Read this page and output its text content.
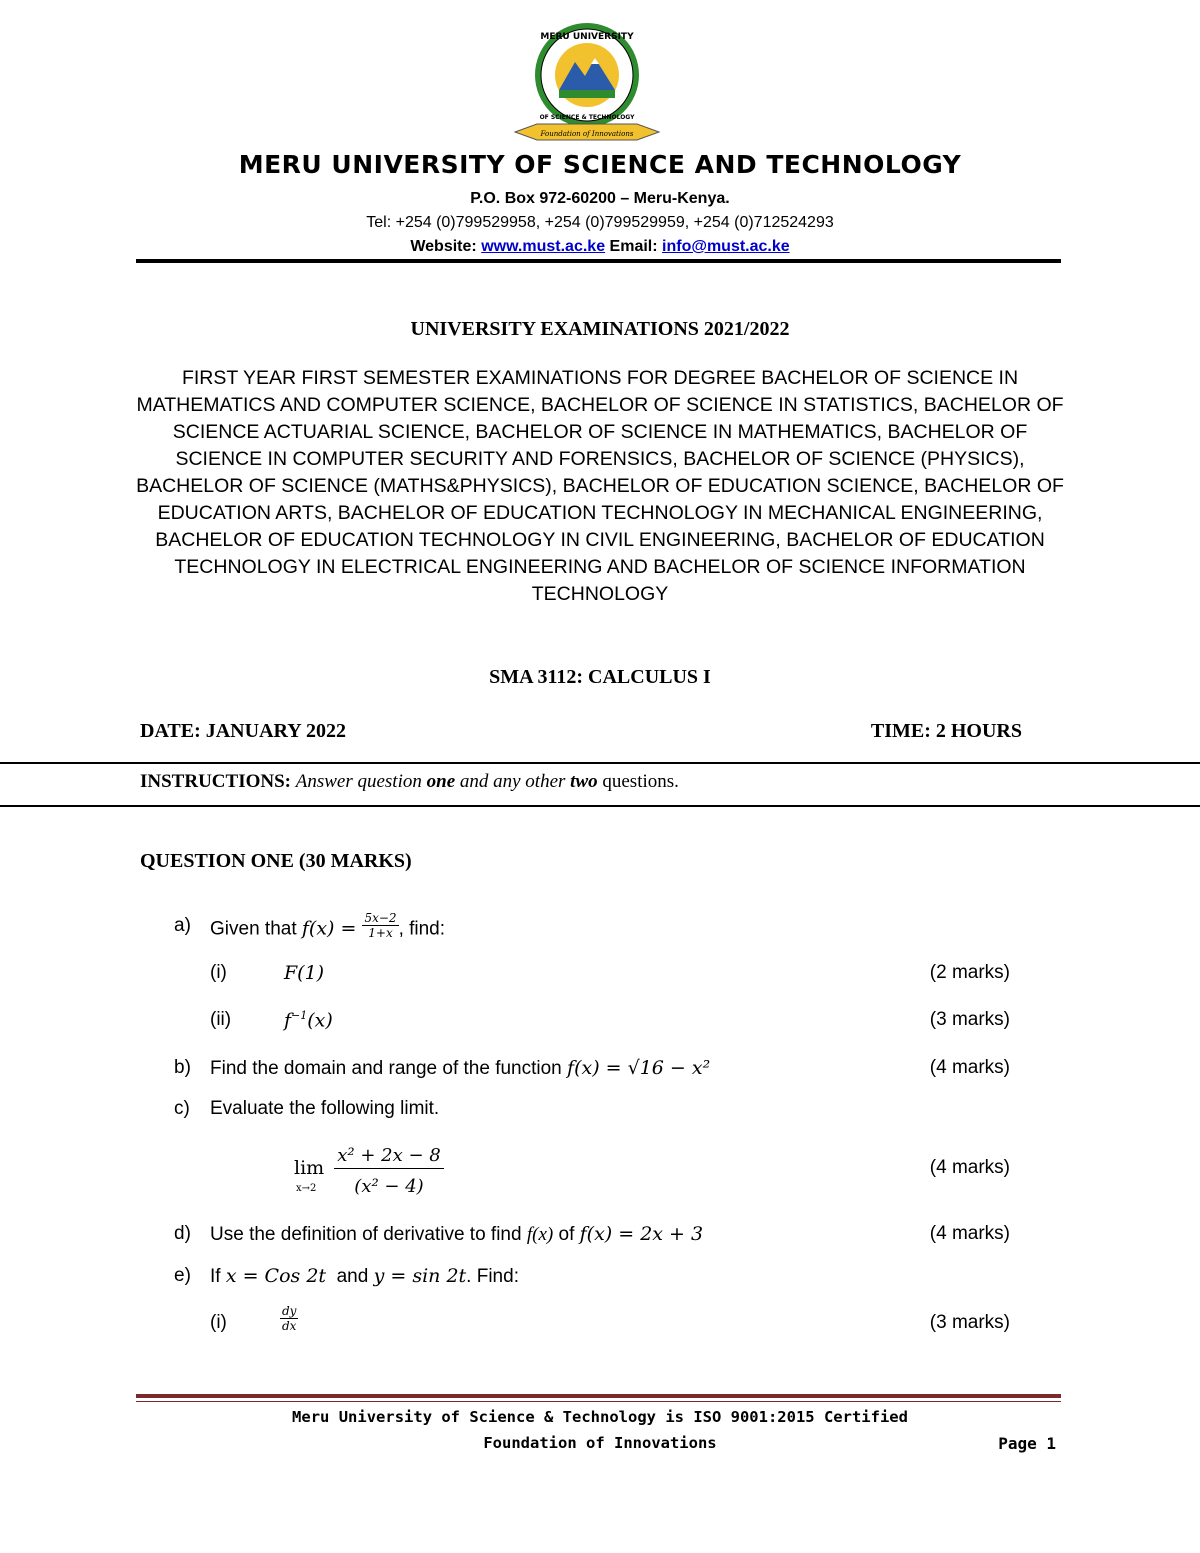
MERU UNIVERSITY
OF SCIENCE & TECHNOLOGY
Foundation of Innovations
MERU UNIVERSITY OF SCIENCE AND TECHNOLOGY
P.O. Box 972-60200 – Meru-Kenya.
Tel: +254 (0)799529958, +254 (0)799529959, +254 (0)712524293
Website: www.must.ac.ke Email: info@must.ac.ke
UNIVERSITY EXAMINATIONS 2021/2022
FIRST YEAR FIRST SEMESTER EXAMINATIONS FOR DEGREE BACHELOR OF SCIENCE IN MATHEMATICS AND COMPUTER SCIENCE, BACHELOR OF SCIENCE IN STATISTICS, BACHELOR OF SCIENCE ACTUARIAL SCIENCE, BACHELOR OF SCIENCE IN MATHEMATICS, BACHELOR OF SCIENCE IN COMPUTER SECURITY AND FORENSICS, BACHELOR OF SCIENCE (PHYSICS), BACHELOR OF SCIENCE (MATHS&PHYSICS), BACHELOR OF EDUCATION SCIENCE, BACHELOR OF EDUCATION ARTS, BACHELOR OF EDUCATION TECHNOLOGY IN MECHANICAL ENGINEERING, BACHELOR OF EDUCATION TECHNOLOGY IN CIVIL ENGINEERING, BACHELOR OF EDUCATION TECHNOLOGY IN ELECTRICAL ENGINEERING AND BACHELOR OF SCIENCE INFORMATION TECHNOLOGY
SMA 3112: CALCULUS I
DATE: JANUARY 2022	TIME: 2 HOURS
INSTRUCTIONS: Answer question one and any other two questions.
QUESTION ONE (30 MARKS)
a) Given that $f(x) = \frac{5x-2}{1+x}$ , find:
(i)	F(1)	(2 marks)
(ii)	$f^{-1}(x)$	(3 marks)
b) Find the domain and range of the function f(x) = √16 − x²	(4 marks)
c) Evaluate the following limit.
lim
x→2
x² + 2x − 8
(x² − 4)
(4 marks)
d) Use the definition of derivative to find f(x) of f(x) = 2x + 3	(4 marks)
e) If x = Cos 2t  and y = sin 2t. Find:
(i)	$\frac{dy}{dx}$	(3 marks)
Meru University of Science & Technology is ISO 9001:2015 Certified
Foundation of Innovations	Page 1
